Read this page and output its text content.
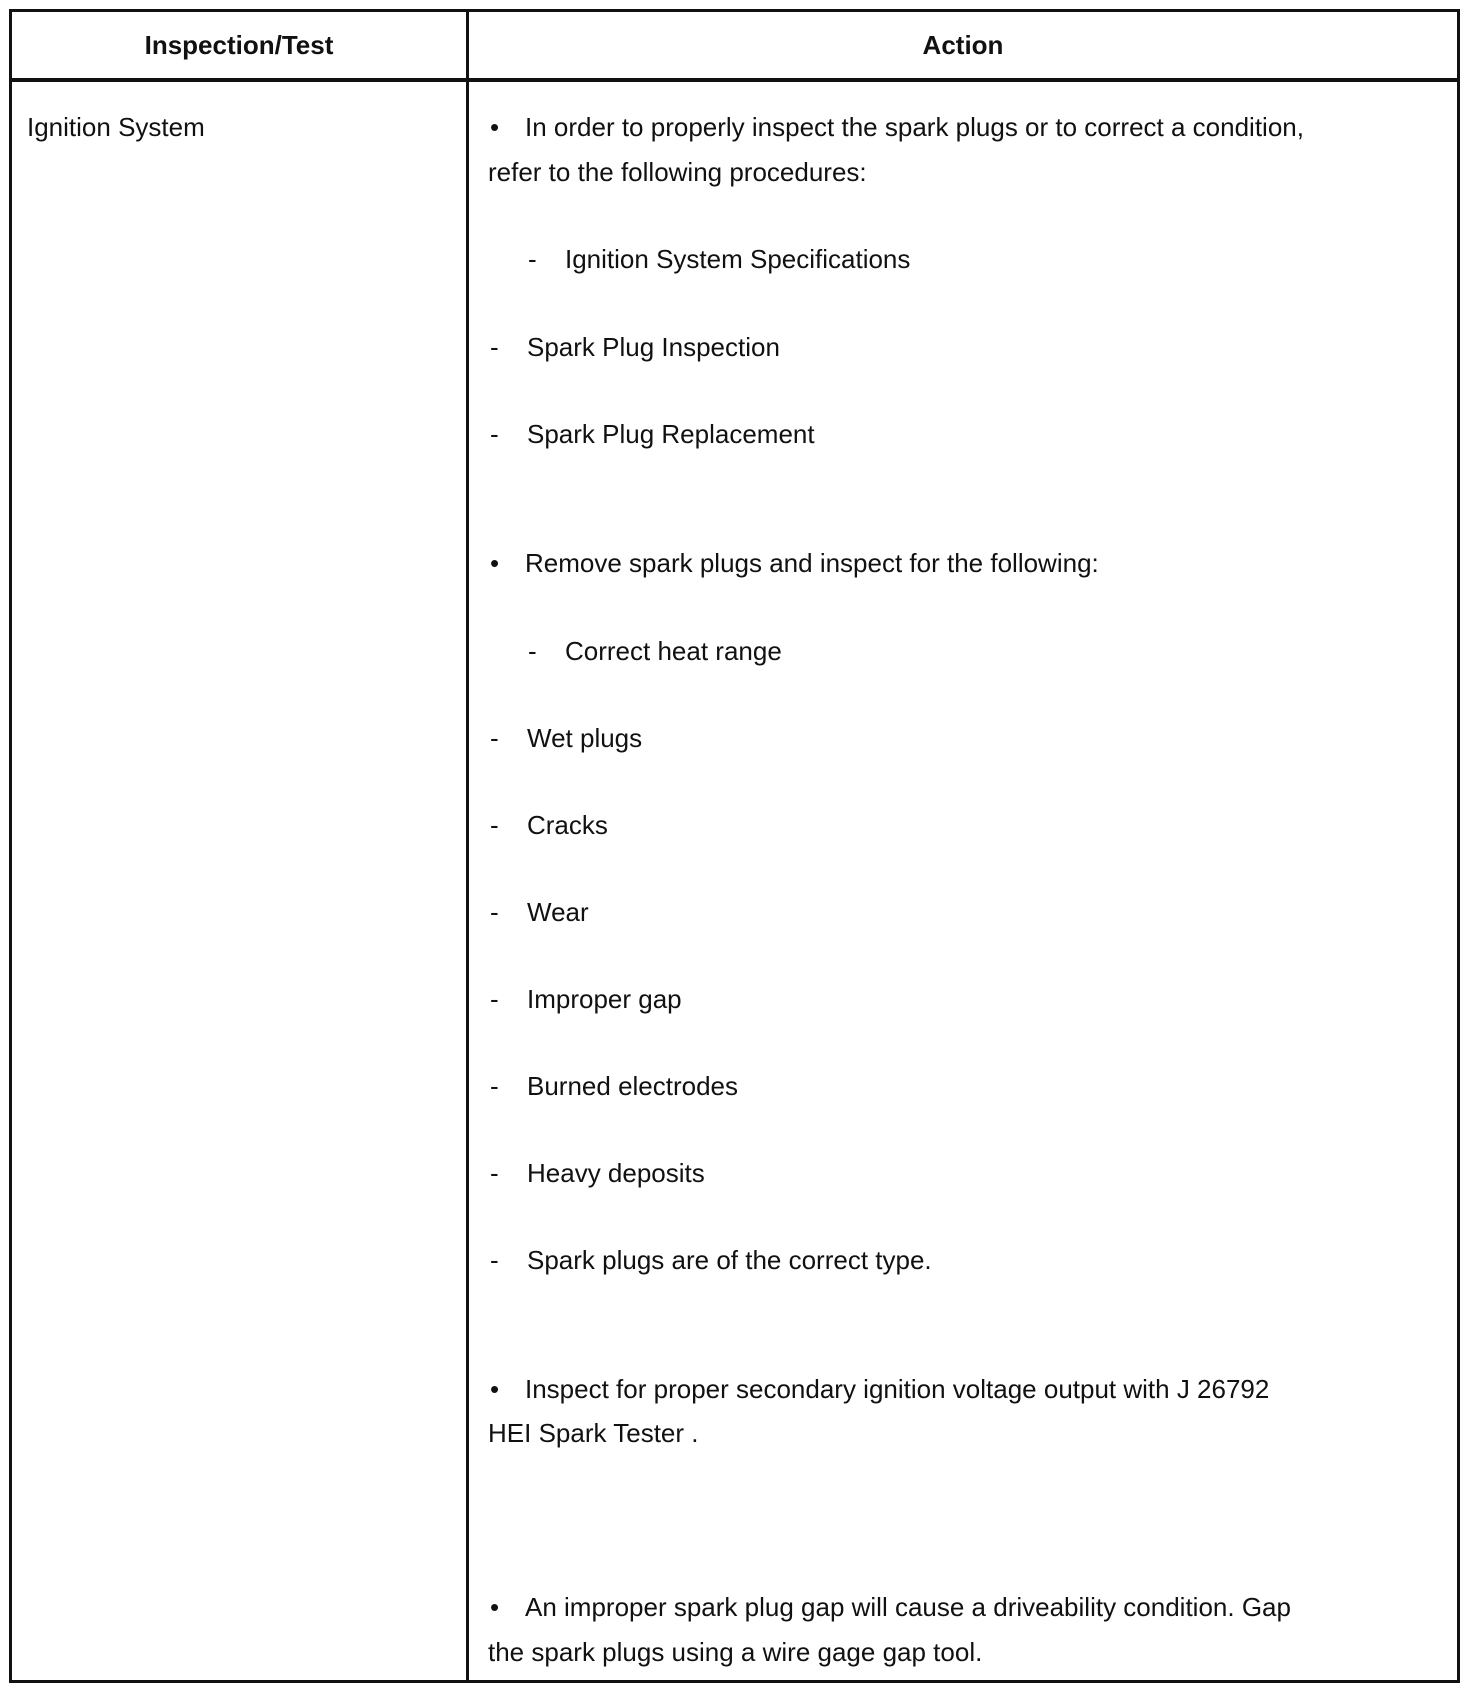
Inspection/Test	Action
Ignition System	• In order to properly inspect the spark plugs or to correct a condition,
refer to the following procedures:
- Ignition System Specifications
- Spark Plug Inspection
- Spark Plug Replacement
• Remove spark plugs and inspect for the following:
- Correct heat range
- Wet plugs
- Cracks
- Wear
- Improper gap
- Burned electrodes
- Heavy deposits
- Spark plugs are of the correct type.
• Inspect for proper secondary ignition voltage output with J 26792
HEI Spark Tester .
• An improper spark plug gap will cause a driveability condition. Gap
the spark plugs using a wire gage gap tool.
